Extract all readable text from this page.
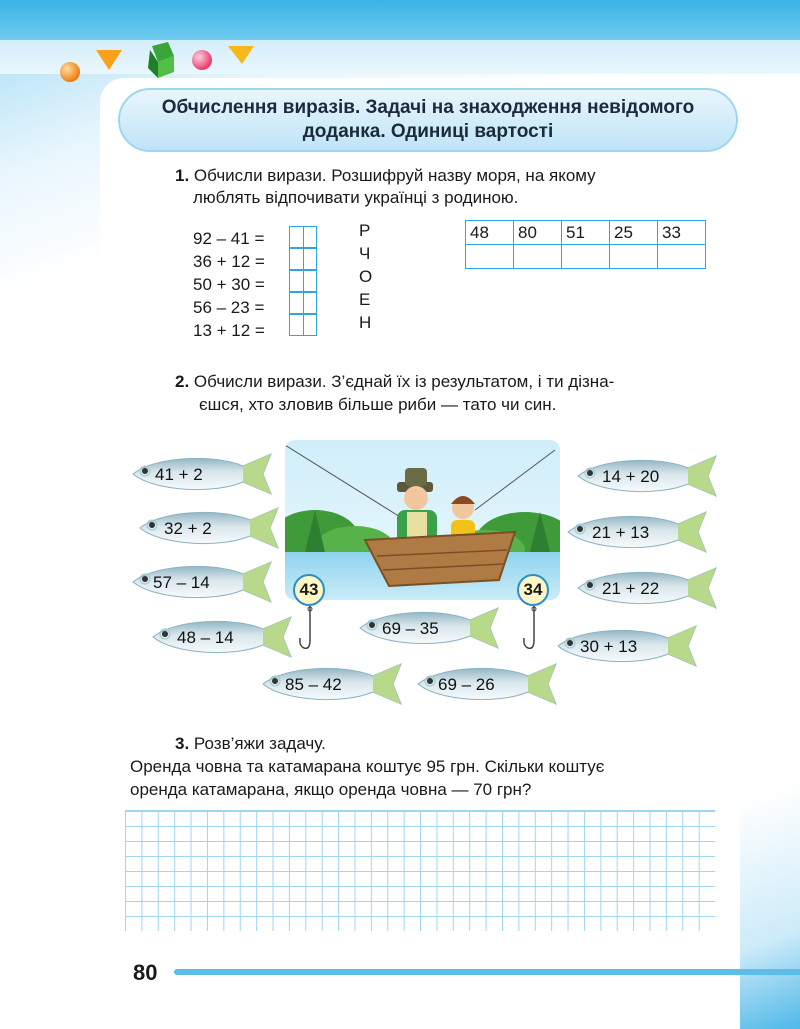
Обчислення виразів. Задачі на знаходження невідомого доданка. Одиниці вартості
1. Обчисли вирази. Розшифруй назву моря, на якому
люблять відпочивати українці з родиною.
92 – 41 =
36 + 12 =
50 + 30 =
56 – 23 =
13 + 12 =
Р
Ч
О
Е
Н
48	80	51	25	33

2. Обчисли вирази. З’єднай їх із результатом, і ти дізна-
єшся, хто зловив більше риби — тато чи син.
41 + 2
32 + 2
57 – 14
48 – 14
85 – 42
69 – 35
69 – 26
14 + 20
21 + 13
21 + 22
30 + 13
43	34
3. Розв’яжи задачу.
Оренда човна та катамарана коштує 95 грн. Скільки коштує
оренда катамарана, якщо оренда човна — 70 грн?
80
